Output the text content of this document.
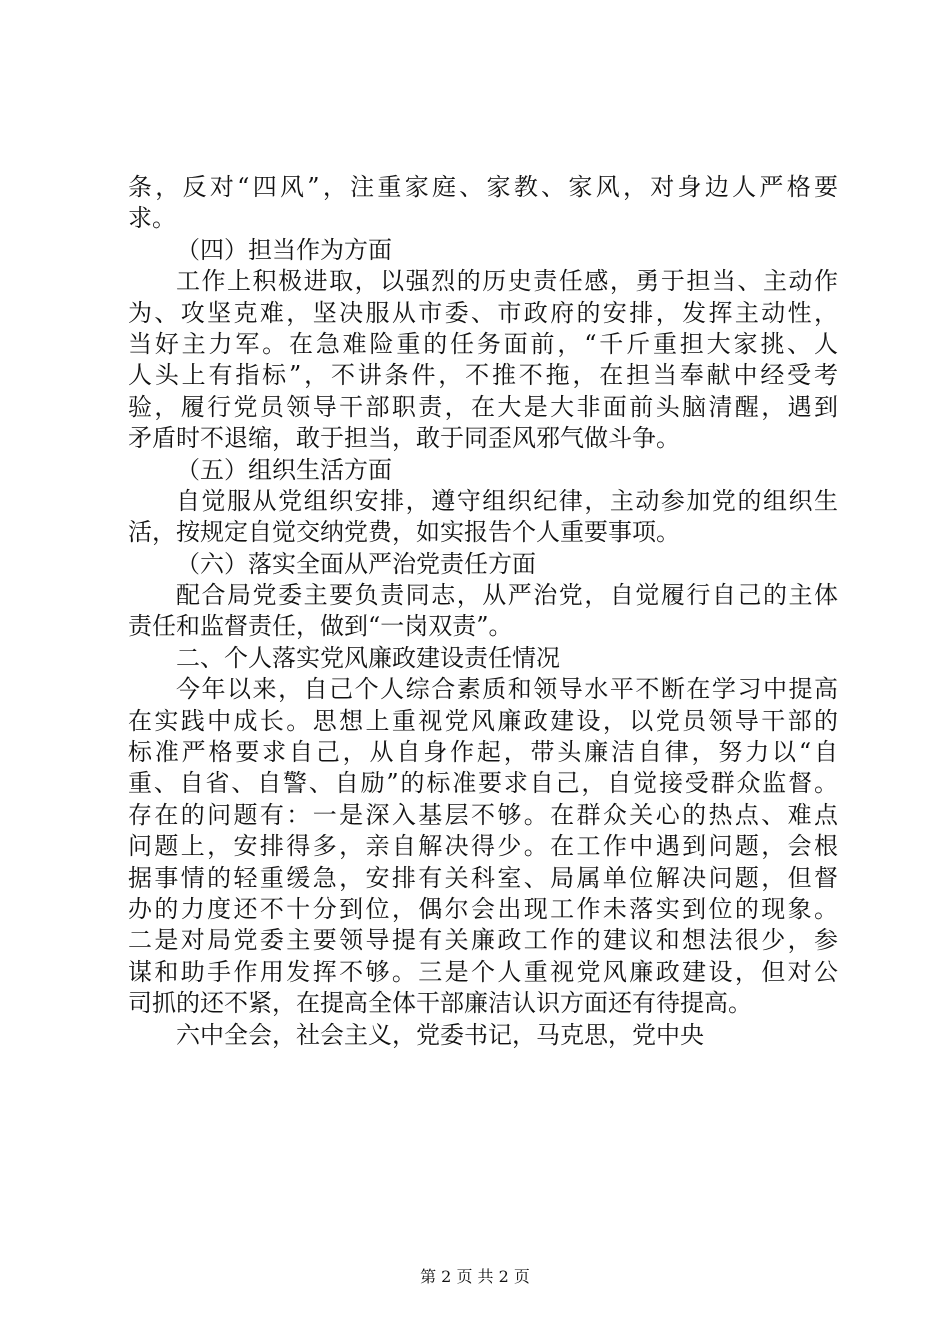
条，反对“四风”，注重家庭、家教、家风，对身边人严格要
求。
（四）担当作为方面
工作上积极进取，以强烈的历史责任感，勇于担当、主动作
为、攻坚克难，坚决服从市委、市政府的安排，发挥主动性，
当好主力军。在急难险重的任务面前，“千斤重担大家挑、人
人头上有指标”，不讲条件，不推不拖，在担当奉献中经受考
验，履行党员领导干部职责，在大是大非面前头脑清醒，遇到
矛盾时不退缩，敢于担当，敢于同歪风邪气做斗争。
（五）组织生活方面
自觉服从党组织安排，遵守组织纪律，主动参加党的组织生
活，按规定自觉交纳党费，如实报告个人重要事项。
（六）落实全面从严治党责任方面
配合局党委主要负责同志，从严治党，自觉履行自己的主体
责任和监督责任，做到“一岗双责”。
二、个人落实党风廉政建设责任情况
今年以来，自己个人综合素质和领导水平不断在学习中提高
在实践中成长。思想上重视党风廉政建设，以党员领导干部的
标准严格要求自己，从自身作起，带头廉洁自律，努力以“自
重、自省、自警、自励”的标准要求自己，自觉接受群众监督。
存在的问题有：一是深入基层不够。在群众关心的热点、难点
问题上，安排得多，亲自解决得少。在工作中遇到问题，会根
据事情的轻重缓急，安排有关科室、局属单位解决问题，但督
办的力度还不十分到位，偶尔会出现工作未落实到位的现象。
二是对局党委主要领导提有关廉政工作的建议和想法很少，参
谋和助手作用发挥不够。三是个人重视党风廉政建设，但对公
司抓的还不紧，在提高全体干部廉洁认识方面还有待提高。
六中全会，社会主义，党委书记，马克思，党中央
第 2 页 共 2 页
